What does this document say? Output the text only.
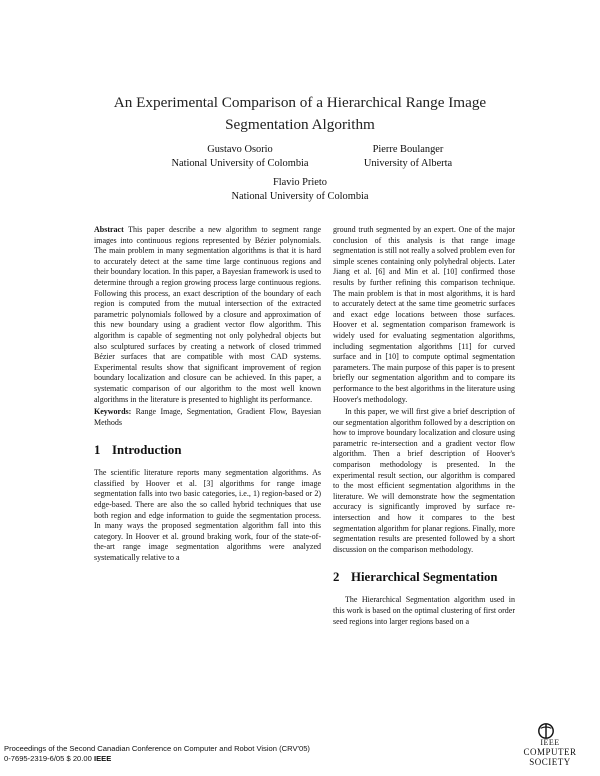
An Experimental Comparison of a Hierarchical Range Image
Segmentation Algorithm
Gustavo Osorio
National University of Colombia
Pierre Boulanger
University of Alberta
Flavio Prieto
National University of Colombia

Abstract This paper describe a new algorithm to segment range images into continuous regions represented by Bézier polynomials. The main problem in many segmentation algorithms is that it is hard to accurately detect at the same time large continuous regions and their boundary location. In this paper, a Bayesian framework is used to determine through a region growing process large continuous regions. Following this process, an exact description of the boundary of each region is computed from the mutual intersection of the extracted parametric polynomials followed by a closure and approximation of this new boundary using a gradient vector flow algorithm. This algorithm is capable of segmenting not only polyhedral objects but also sculptured surfaces by creating a network of closed trimmed Bézier surfaces that are compatible with most CAD systems. Experimental results show that significant improvement of region boundary localization and closure can be achieved. In this paper, a systematic comparison of our algorithm to the most well known algorithms in the literature is presented to highlight its performance.

Keywords: Range Image, Segmentation, Gradient Flow, Bayesian Methods

1 Introduction

The scientific literature reports many segmentation algorithms. As classified by Hoover et al. [3] algorithms for range image segmentation falls into two basic categories, i.e., 1) region-based or 2) edge-based. There are also the so called hybrid techniques that use both region and edge information to guide the segmentation process. In many ways the proposed segmentation algorithm fall into this category. In Hoover et al. ground braking work, four of the state-of-the-art range image segmentation algorithms were analyzed systematically relative to a

ground truth segmented by an expert. One of the major conclusion of this analysis is that range image segmentation is still not really a solved problem even for simple scenes containing only polyhedral objects. Later Jiang et al. [6] and Min et al. [10] confirmed those results by further refining this comparison technique. The main problem is that in most algorithms, it is hard to accurately detect at the same time geometric surfaces and exact edge locations between those surfaces. Hoover et al. segmentation comparison framework is widely used for evaluating segmentation algorithms, including segmentation algorithms [11] for curved surface and in [10] to compute optimal segmentation parameters. The main purpose of this paper is to present briefly our segmentation algorithm and to compare its performance to the best algorithms in the literature using Hoover's methodology.

In this paper, we will first give a brief description of our segmentation algorithm followed by a description on how to improve boundary localization and closure using parametric re-intersection and a gradient vector flow algorithm. Then a brief description of Hoover's comparison methodology is presented. In the experimental result section, our algorithm is compared to the most efficient segmentation algorithms in the literature. We will demonstrate how the segmentation accuracy is significantly improved by surface re-intersection and how it compares to the best segmentation algorithm for planar regions. Finally, more segmentation results are presented followed by a short discussion on the comparison methodology.

2 Hierarchical Segmentation

The Hierarchical Segmentation algorithm used in this work is based on the optimal clustering of first order seed regions into larger regions based on a

Proceedings of the Second Canadian Conference on Computer and Robot Vision (CRV'05)
0-7695-2319-6/05 $ 20.00 IEEE
IEEE
COMPUTER
SOCIETY
